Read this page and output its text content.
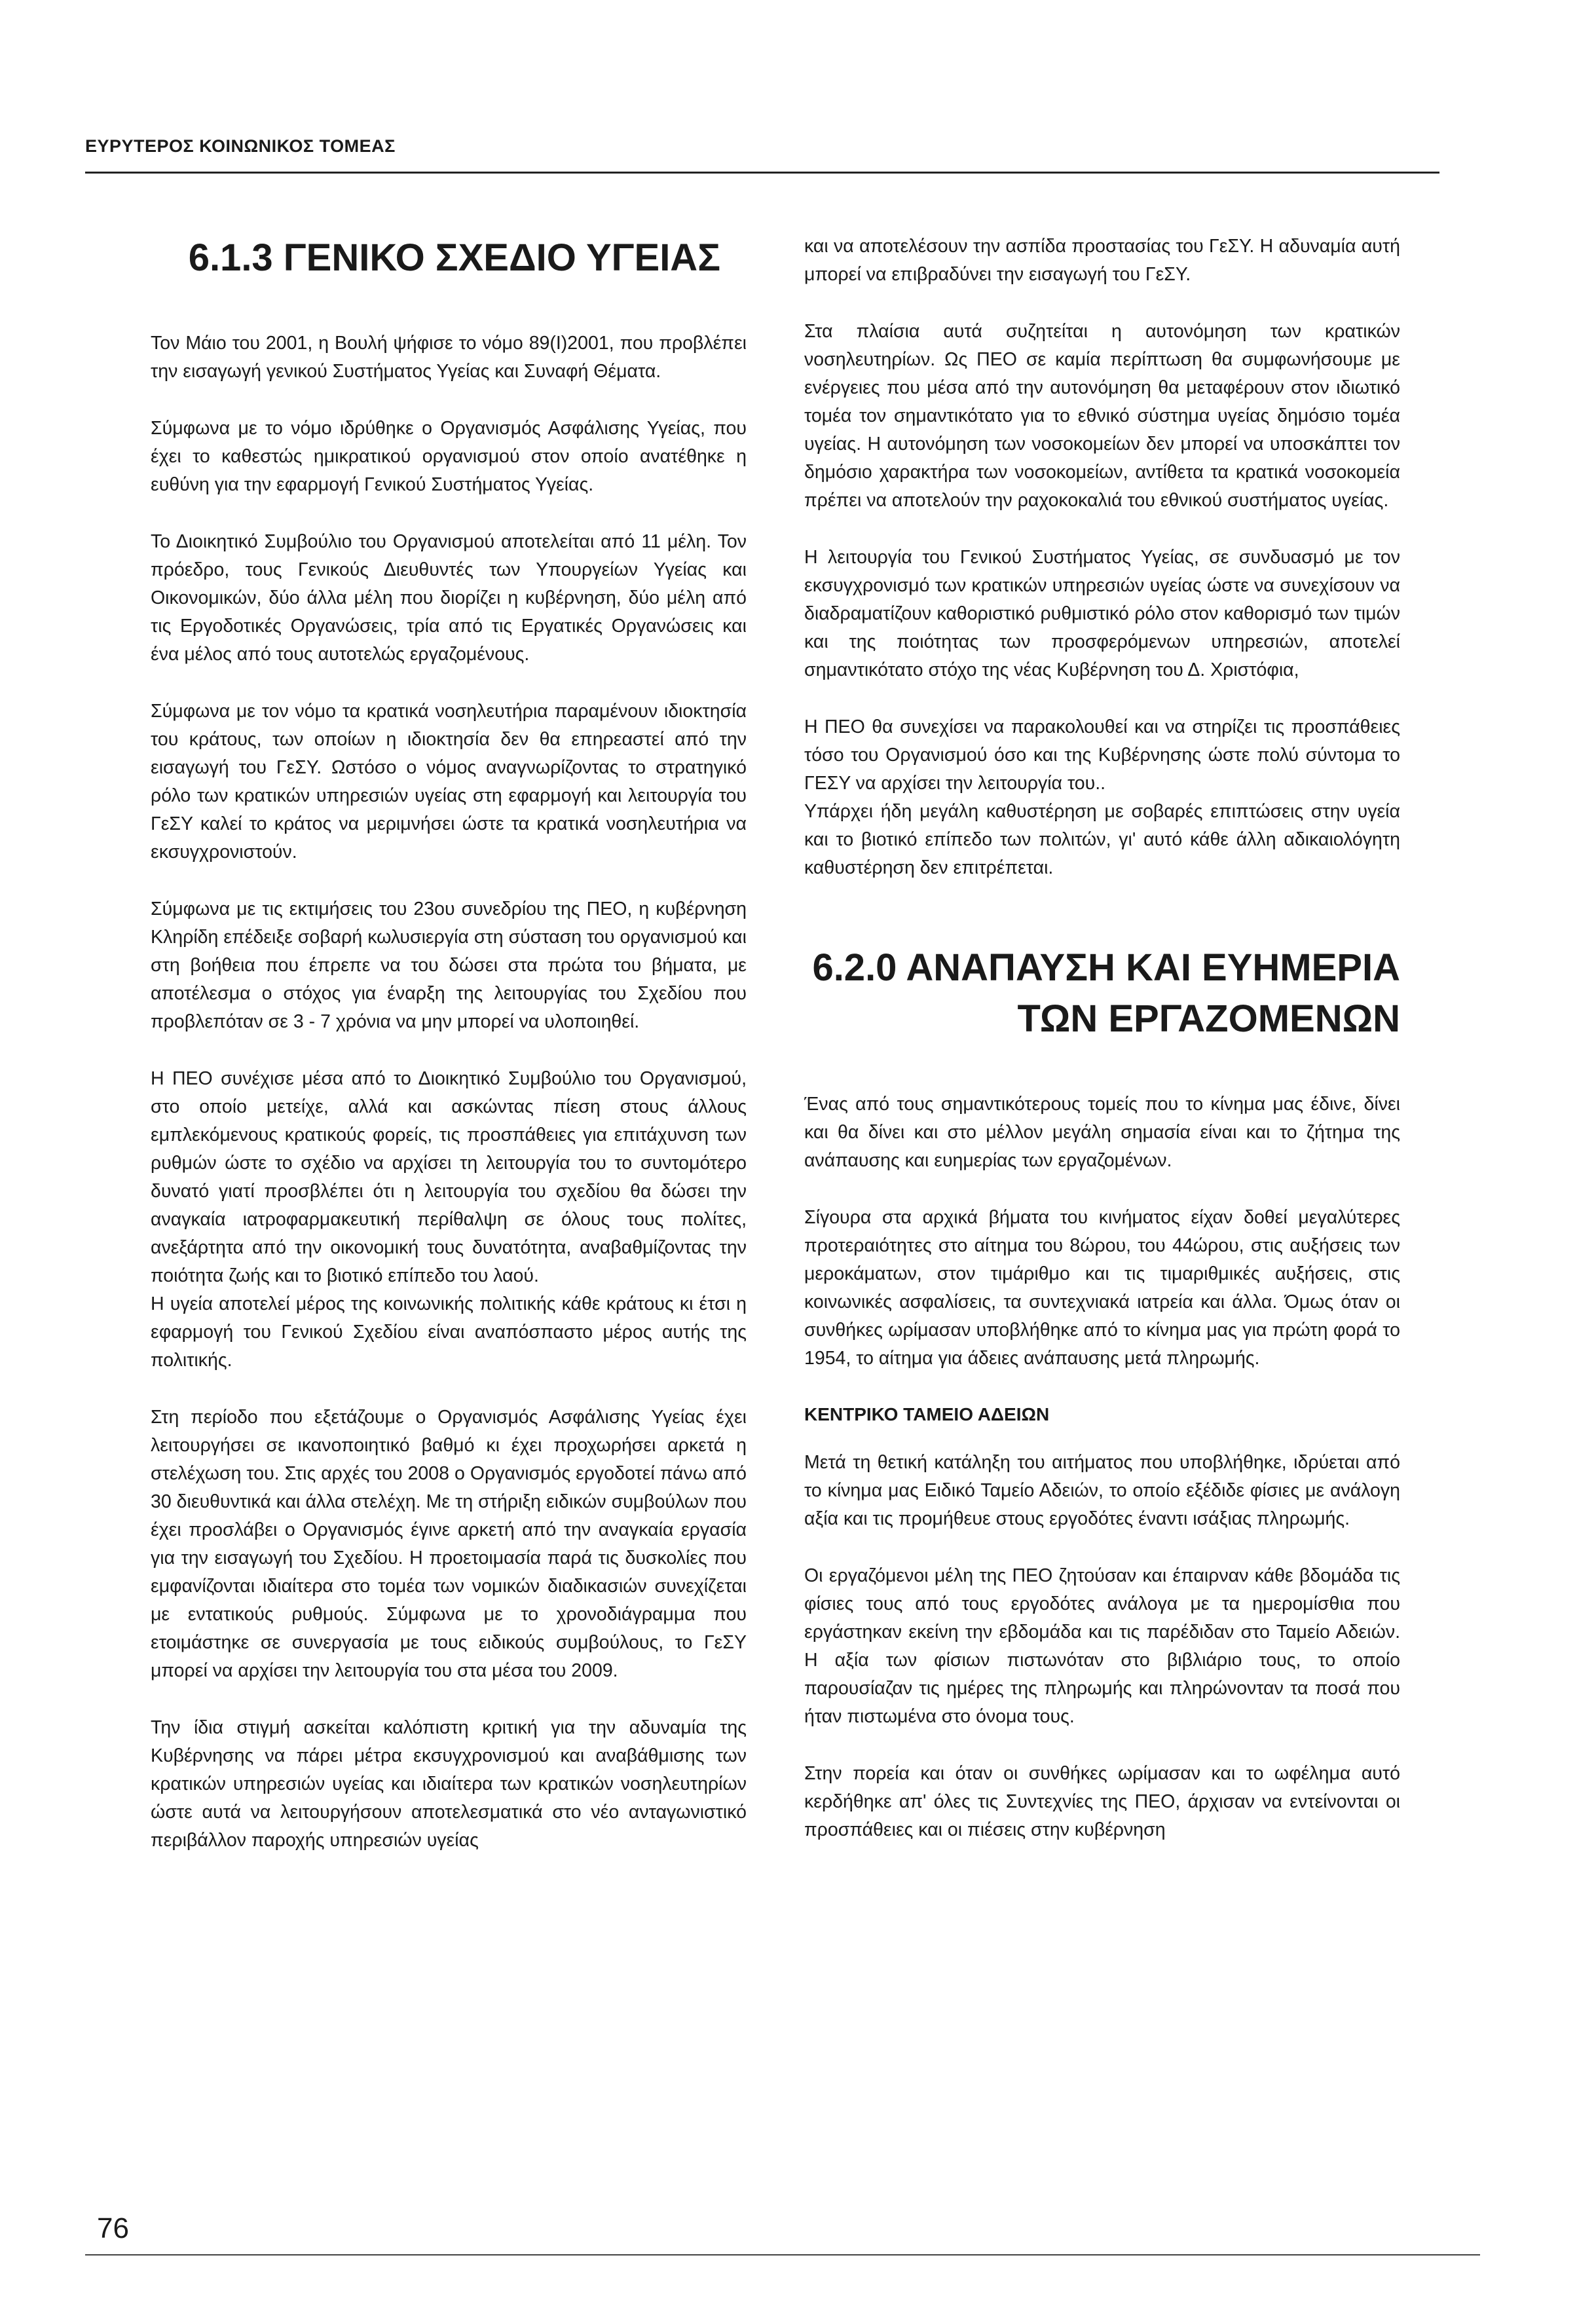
ΕΥΡΥΤΕΡΟΣ ΚΟΙΝΩΝΙΚΟΣ ΤΟΜΕΑΣ
6.1.3 ΓΕΝΙΚΟ ΣΧΕΔΙΟ ΥΓΕΙΑΣ

Τον Μάιο του 2001, η Βουλή ψήφισε το νόμο 89(Ι)2001, που προβλέπει την εισαγωγή γενικού Συστήματος Υγείας και Συναφή Θέματα.

Σύμφωνα με το νόμο ιδρύθηκε ο Οργανισμός Ασφάλισης Υγείας, που έχει το καθεστώς ημικρατικού οργανισμού στον οποίο ανατέθηκε η ευθύνη για την εφαρμογή Γενικού Συστήματος Υγείας.

Το Διοικητικό Συμβούλιο του Οργανισμού αποτελείται από 11 μέλη. Τον πρόεδρο, τους Γενικούς Διευθυντές των Υπουργείων Υγείας και Οικονομικών, δύο άλλα μέλη που διορίζει η κυβέρνηση, δύο μέλη από τις Εργοδοτικές Οργανώσεις, τρία από τις Εργατικές Οργανώσεις και ένα μέλος από τους αυτοτελώς εργαζομένους.

Σύμφωνα με τον νόμο τα κρατικά νοσηλευτήρια παραμένουν ιδιοκτησία του κράτους, των οποίων η ιδιοκτησία δεν θα επηρεαστεί από την εισαγωγή του ΓεΣΥ. Ωστόσο ο νόμος αναγνωρίζοντας το στρατηγικό ρόλο των κρατικών υπηρεσιών υγείας στη εφαρμογή και λειτουργία του ΓεΣΥ καλεί το κράτος να μεριμνήσει ώστε τα κρατικά νοσηλευτήρια να εκσυγχρονιστούν.

Σύμφωνα με τις εκτιμήσεις του 23ου συνεδρίου της ΠΕΟ, η κυβέρνηση Κληρίδη επέδειξε σοβαρή κωλυσιεργία στη σύσταση του οργανισμού και στη βοήθεια που έπρεπε να του δώσει στα πρώτα του βήματα, με αποτέλεσμα ο στόχος για έναρξη της λειτουργίας του Σχεδίου που προβλεπόταν σε 3 - 7 χρόνια να μην μπορεί να υλοποιηθεί.

Η ΠΕΟ συνέχισε μέσα από το Διοικητικό Συμβούλιο του Οργανισμού, στο οποίο μετείχε, αλλά και ασκώντας πίεση στους άλλους εμπλεκόμενους κρατικούς φορείς, τις προσπάθειες για επιτάχυνση των ρυθμών ώστε το σχέδιο να αρχίσει τη λειτουργία του το συντομότερο δυνατό γιατί προσβλέπει ότι η λειτουργία του σχεδίου θα δώσει την αναγκαία ιατροφαρμακευτική περίθαλψη σε όλους τους πολίτες, ανεξάρτητα από την οικονομική τους δυνατότητα, αναβαθμίζοντας την ποιότητα ζωής και το βιοτικό επίπεδο του λαού.

Η υγεία αποτελεί μέρος της κοινωνικής πολιτικής κάθε κράτους κι έτσι η εφαρμογή του Γενικού Σχεδίου είναι αναπόσπαστο μέρος αυτής της πολιτικής.

Στη περίοδο που εξετάζουμε ο Οργανισμός Ασφάλισης Υγείας έχει λειτουργήσει σε ικανοποιητικό βαθμό κι έχει προχωρήσει αρκετά η στελέχωση του. Στις αρχές του 2008 ο Οργανισμός εργοδοτεί πάνω από 30 διευθυντικά και άλλα στελέχη. Με τη στήριξη ειδικών συμβούλων που έχει προσλάβει ο Οργανισμός έγινε αρκετή από την αναγκαία εργασία για την εισαγωγή του Σχεδίου. Η προετοιμασία παρά τις δυσκολίες που εμφανίζονται ιδιαίτερα στο τομέα των νομικών διαδικασιών συνεχίζεται με εντατικούς ρυθμούς. Σύμφωνα με το χρονοδιάγραμμα που ετοιμάστηκε σε συνεργασία με τους ειδικούς συμβούλους, το ΓεΣΥ μπορεί να αρχίσει την λειτουργία του στα μέσα του 2009.

Την ίδια στιγμή ασκείται καλόπιστη κριτική για την αδυναμία της Κυβέρνησης να πάρει μέτρα εκσυγχρονισμού και αναβάθμισης των κρατικών υπηρεσιών υγείας και ιδιαίτερα των κρατικών νοσηλευτηρίων ώστε αυτά να λειτουργήσουν αποτελεσματικά στο νέο ανταγωνιστικό περιβάλλον παροχής υπηρεσιών υγείας

και να αποτελέσουν την ασπίδα προστασίας του ΓεΣΥ. Η αδυναμία αυτή μπορεί να επιβραδύνει την εισαγωγή του ΓεΣΥ.

Στα πλαίσια αυτά συζητείται η αυτονόμηση των κρατικών νοσηλευτηρίων. Ως ΠΕΟ σε καμία περίπτωση θα συμφωνήσουμε με ενέργειες που μέσα από την αυτονόμηση θα μεταφέρουν στον ιδιωτικό τομέα τον σημαντικότατο για το εθνικό σύστημα υγείας δημόσιο τομέα υγείας. Η αυτονόμηση των νοσοκομείων δεν μπορεί να υποσκάπτει τον δημόσιο χαρακτήρα των νοσοκομείων, αντίθετα τα κρατικά νοσοκομεία πρέπει να αποτελούν την ραχοκοκαλιά του εθνικού συστήματος υγείας.

Η λειτουργία του Γενικού Συστήματος Υγείας, σε συνδυασμό με τον εκσυγχρονισμό των κρατικών υπηρεσιών υγείας ώστε να συνεχίσουν να διαδραματίζουν καθοριστικό ρυθμιστικό ρόλο στον καθορισμό των τιμών και της ποιότητας των προσφερόμενων υπηρεσιών, αποτελεί σημαντικότατο στόχο της νέας Κυβέρνηση του Δ. Χριστόφια,

Η ΠΕΟ θα συνεχίσει να παρακολουθεί και να στηρίζει τις προσπάθειες τόσο του Οργανισμού όσο και της Κυβέρνησης ώστε πολύ σύντομα το ΓΕΣΥ να αρχίσει την λειτουργία του..

Υπάρχει ήδη μεγάλη καθυστέρηση με σοβαρές επιπτώσεις στην υγεία και το βιοτικό επίπεδο των πολιτών, γι' αυτό κάθε άλλη αδικαιολόγητη καθυστέρηση δεν επιτρέπεται.

6.2.0 ΑΝΑΠΑΥΣΗ ΚΑΙ ΕΥΗΜΕΡΙΑ ΤΩΝ ΕΡΓΑΖΟΜΕΝΩΝ

Ένας από τους σημαντικότερους τομείς που το κίνημα μας έδινε, δίνει και θα δίνει και στο μέλλον μεγάλη σημασία είναι και το ζήτημα της ανάπαυσης και ευημερίας των εργαζομένων.

Σίγουρα στα αρχικά βήματα του κινήματος είχαν δοθεί μεγαλύτερες προτεραιότητες στο αίτημα του 8ώρου, του 44ώρου, στις αυξήσεις των μεροκάματων, στον τιμάριθμο και τις τιμαριθμικές αυξήσεις, στις κοινωνικές ασφαλίσεις, τα συντεχνιακά ιατρεία και άλλα. Όμως όταν οι συνθήκες ωρίμασαν υποβλήθηκε από το κίνημα μας για πρώτη φορά το 1954, το αίτημα για άδειες ανάπαυσης μετά πληρωμής.

ΚΕΝΤΡΙΚΟ ΤΑΜΕΙΟ ΑΔΕΙΩΝ

Μετά τη θετική κατάληξη του αιτήματος που υποβλήθηκε, ιδρύεται από το κίνημα μας Ειδικό Ταμείο Αδειών, το οποίο εξέδιδε φίσιες με ανάλογη αξία και τις προμήθευε στους εργοδότες έναντι ισάξιας πληρωμής.

Οι εργαζόμενοι μέλη της ΠΕΟ ζητούσαν και έπαιρναν κάθε βδομάδα τις φίσιες τους από τους εργοδότες ανάλογα με τα ημερομίσθια που εργάστηκαν εκείνη την εβδομάδα και τις παρέδιδαν στο Ταμείο Αδειών. Η αξία των φίσιων πιστωνόταν στο βιβλιάριο τους, το οποίο παρουσίαζαν τις ημέρες της πληρωμής και πληρώνονταν τα ποσά που ήταν πιστωμένα στο όνομα τους.

Στην πορεία και όταν οι συνθήκες ωρίμασαν και το ωφέλημα αυτό κερδήθηκε απ' όλες τις Συντεχνίες της ΠΕΟ, άρχισαν να εντείνονται οι προσπάθειες και οι πιέσεις στην κυβέρνηση

76
